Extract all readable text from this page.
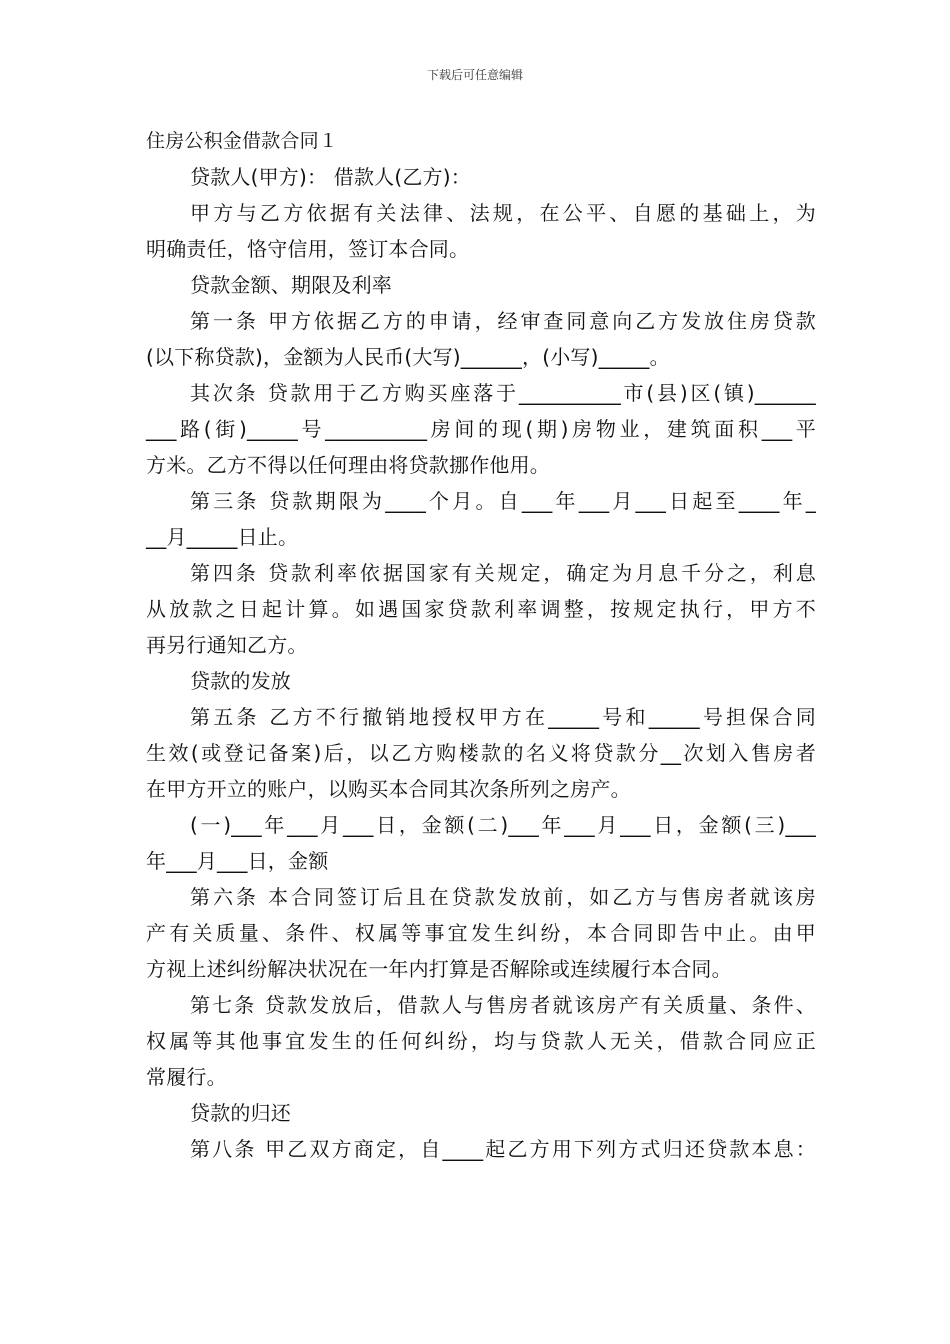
下载后可任意编辑
住房公积金借款合同１
贷款人(甲方)： 借款人(乙方)：
甲方与乙方依据有关法律、法规，在公平、自愿的基础上，为
明确责任，恪守信用，签订本合同。
贷款金额、期限及利率
第一条 甲方依据乙方的申请，经审查同意向乙方发放住房贷款
(以下称贷款)，金额为人民币(大写)______，(小写)_____。
其次条 贷款用于乙方购买座落于__________市(县)区(镇)______
___路(街)_____号__________房间的现(期)房物业，建筑面积___平
方米。乙方不得以任何理由将贷款挪作他用。
第三条 贷款期限为____个月。自___年___月___日起至____年_
__月_____日止。
第四条 贷款利率依据国家有关规定，确定为月息千分之，利息
从放款之日起计算。如遇国家贷款利率调整，按规定执行，甲方不
再另行通知乙方。
贷款的发放
第五条 乙方不行撤销地授权甲方在_____号和_____号担保合同
生效(或登记备案)后，以乙方购楼款的名义将贷款分__次划入售房者
在甲方开立的账户，以购买本合同其次条所列之房产。
(一)___年___月___日，金额(二)___年___月___日，金额(三)___
年___月___日，金额
第六条 本合同签订后且在贷款发放前，如乙方与售房者就该房
产有关质量、条件、权属等事宜发生纠纷，本合同即告中止。由甲
方视上述纠纷解决状况在一年内打算是否解除或连续履行本合同。
第七条 贷款发放后，借款人与售房者就该房产有关质量、条件、
权属等其他事宜发生的任何纠纷，均与贷款人无关，借款合同应正
常履行。
贷款的归还
第八条 甲乙双方商定，自____起乙方用下列方式归还贷款本息：
